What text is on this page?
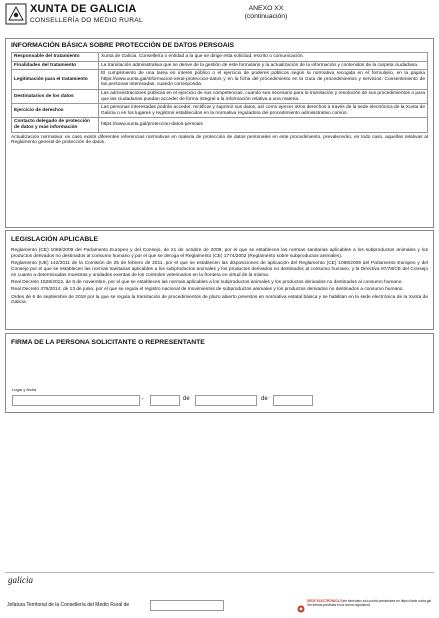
XUNTA DE GALICIA
CONSELLERÍA DO MEDIO RURAL
ANEXO XX
(continuación)
INFORMACIÓN BÁSICA SOBRE PROTECCIÓN DE DATOS PERSOAIS
Responsable del tratamiento	Xunta de Galicia. Consellería o entidad a la que se dirige esta solicitud, escrito o comunicación.
Finalidades del tratamiento	La tramitación administrativa que se derive de la gestión de este formulario y la actualización de la información y contenidos de la carpeta ciudadana.
Legitimación para el tratamiento	El cumplimiento de una tarea en interés público o el ejercicio de poderes públicos según la normativa recogida en el formulario, en la página https://www.xunta.gal/informacion-xeral-proteccion-datos y en la ficha del procedimiento en la Guía de procedimientos y servicios. Consentimiento de las personas interesadas, cuando corresponda.
Destinatarios de los datos	Las administraciones públicas en el ejercicio de sus competencias, cuando sea necesario para la tramitación y resolución de sus procedimientos o para que las ciudadanas puedan acceder de forma integral a la información relativa a una materia.
Ejercicio de derechos	Las personas interesadas podrán acceder, rectificar y suprimir sus datos, así como ejercer otros derechos a través de la sede electrónica de la Xunta de Galicia o en los lugares y registros establecidos en la normativa reguladora del procedimiento administrativo común.
Contacto delegado de protección de datos y más información	https://www.xunta.gal/proteccion-datos-persoais
Actualización normativa: en caso existir diferentes referencias normativas en materia de protección de datos personales en este procedimiento, prevalecerán, en todo caso, aquellas relativas al Reglamento general de protección de datos.
LEGISLACIÓN APLICABLE

Reglamento (CE) 1069/2009 del Parlamento Europeo y del Consejo, de 21 de octubre de 2009, por el que se establecen las normas sanitarias aplicables a los subproductos animales y los productos derivados no destinados al consumo humano y por el que se deroga el Reglamento (CE) 1774/2002 (Reglamento sobre subproductos animales).

Reglamento (UE) 142/2011 de la Comisión de 25 de febrero de 2011, por el que se establecen las disposiciones de aplicación del Reglamento (CE) 1069/2009 del Parlamento Europeo y del Consejo por el que se establecen las normas sanitarias aplicables a los subproductos animales y los productos derivados no destinados al consumo humano, y la Directiva 97/78/CE del Consejo en cuanto a determinadas muestras y unidades exentas de los controles veterinarios en la frontera en virtud de la misma.

Real Decreto 1528/2012, de 8 de noviembre, por el que se establecen las normas aplicables a los subproductos animales y los productos derivados no destinados al consumo humano.

Real Decreto 476/2014, de 13 de junio, por el que se regula el registro nacional de movimientos de subproductos animales y los productos derivados no destinados a consumo humano.

Orden de 6 de septiembre de 2018 por la que se regula la tramitación de procedimientos de plazo abierto previstos en normativa estatal básica y se habilitan en la sede electrónica de la Xunta de Galicia.

FIRMA DE LA PERSONA SOLICITANTE O REPRESENTANTE
Lugar y fecha
,	de	de
galicia
Jefatura Territorial de la Consellería del Medio Rural de
SEDE ELECTRÓNICA Este formulario solo podrá presentarse en https://sede.xunta.gal Ver formas previstas en la norma reguladora
